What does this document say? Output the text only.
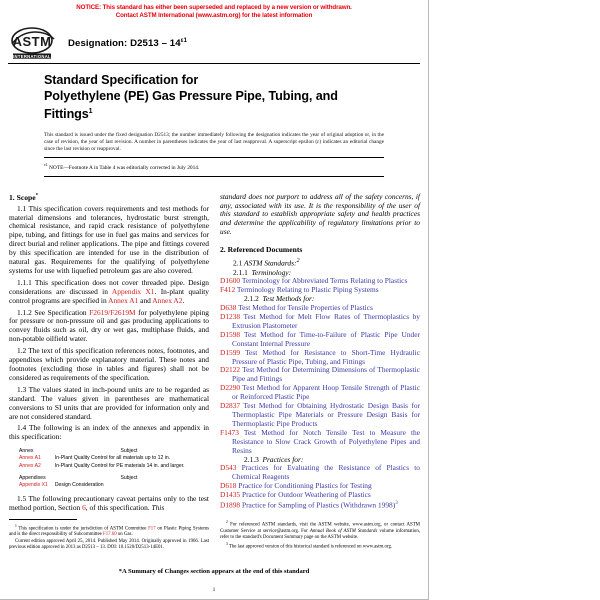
NOTICE: This standard has either been superseded and replaced by a new version or withdrawn.
Contact ASTM International (www.astm.org) for the latest information
ASTM
INTERNATIONAL
Designation: $D2513 - 14^{\varepsilon 1}$
Standard Specification for
Polyethylene (PE) Gas Pressure Pipe, Tubing, and Fittings$^1$
This standard is issued under the fixed designation D2513; the number immediately following the designation indicates the year of original adoption or, in the case of revision, the year of last revision. A number in parentheses indicates the year of last reapproval. A superscript epsilon (ε) indicates an editorial change since the last revision or reapproval.
$^{\varepsilon 1}$ NOTE—Footnote A in Table 4 was editorially corrected in July 2014.
1. Scope*

1.1 This specification covers requirements and test methods for material dimensions and tolerances, hydrostatic burst strength, chemical resistance, and rapid crack resistance of polyethylene pipe, tubing, and fittings for use in fuel gas mains and services for direct burial and reliner applications. The pipe and fittings covered by this specification are intended for use in the distribution of natural gas. Requirements for the qualifying of polyethylene systems for use with liquefied petroleum gas are also covered.

1.1.1 This specification does not cover threaded pipe. Design considerations are discussed in Appendix X1. In-plant quality control programs are specified in Annex A1 and Annex A2.

1.1.2 See Specification F2619/F2619M for polyethylene piping for pressure or non-pressure oil and gas producing applications to convey fluids such as oil, dry or wet gas, multiphase fluids, and non-potable oilfield water.

1.2 The text of this specification references notes, footnotes, and appendixes which provide explanatory material. These notes and footnotes (excluding those in tables and figures) shall not be considered as requirements of the specification.

1.3 The values stated in inch-pound units are to be regarded as standard. The values given in parentheses are mathematical conversions to SI units that are provided for information only and are not considered standard.

1.4 The following is an index of the annexes and appendix in this specification:

Annex	Subject
Annex A1	In-Plant Quality Control for all materials up to 12 in.
Annex A2	In-Plant Quality Control for PE materials 14 in. and larger.

Appendixes	Subject
Appendix X1	Design Consideration

1.5 The following precautionary caveat pertains only to the test method portion, Section 6, of this specification. This

standard does not purport to address all of the safety concerns, if any, associated with its use. It is the responsibility of the user of this standard to establish appropriate safety and health practices and determine the applicability of regulatory limitations prior to use.

2. Referenced Documents

2.1 ASTM Standards:$^2$

2.1.1 Terminology:

D1600 Terminology for Abbreviated Terms Relating to Plastics

F412 Terminology Relating to Plastic Piping Systems

2.1.2 Test Methods for:

D638 Test Method for Tensile Properties of Plastics

D1238 Test Method for Melt Flow Rates of Thermoplastics by Extrusion Plastometer

D1598 Test Method for Time-to-Failure of Plastic Pipe Under Constant Internal Pressure

D1599 Test Method for Resistance to Short-Time Hydraulic Pressure of Plastic Pipe, Tubing, and Fittings

D2122 Test Method for Determining Dimensions of Thermoplastic Pipe and Fittings

D2290 Test Method for Apparent Hoop Tensile Strength of Plastic or Reinforced Plastic Pipe

D2837 Test Method for Obtaining Hydrostatic Design Basis for Thermoplastic Pipe Materials or Pressure Design Basis for Thermoplastic Pipe Products

F1473 Test Method for Notch Tensile Test to Measure the Resistance to Slow Crack Growth of Polyethylene Pipes and Resins

2.1.3 Practices for:

D543 Practices for Evaluating the Resistance of Plastics to Chemical Reagents

D618 Practice for Conditioning Plastics for Testing

D1435 Practice for Outdoor Weathering of Plastics

D1898 Practice for Sampling of Plastics (Withdrawn 1998)$^3$

$^1$ This specification is under the jurisdiction of ASTM Committee F17 on Plastic Piping Systems and is the direct responsibility of Subcommittee F17.60 on Gas.

Current edition approved April 25, 2014. Published May 2014. Originally approved in 1966. Last previous edition approved in 2013 as D2513 – 13. DOI: 10.1520/D2513-14E01.

$^2$ For referenced ASTM standards, visit the ASTM website, www.astm.org, or contact ASTM Customer Service at service@astm.org. For Annual Book of ASTM Standards volume information, refer to the standard's Document Summary page on the ASTM website.

$^3$ The last approved version of this historical standard is referenced on www.astm.org.

*A Summary of Changes section appears at the end of this standard
1
